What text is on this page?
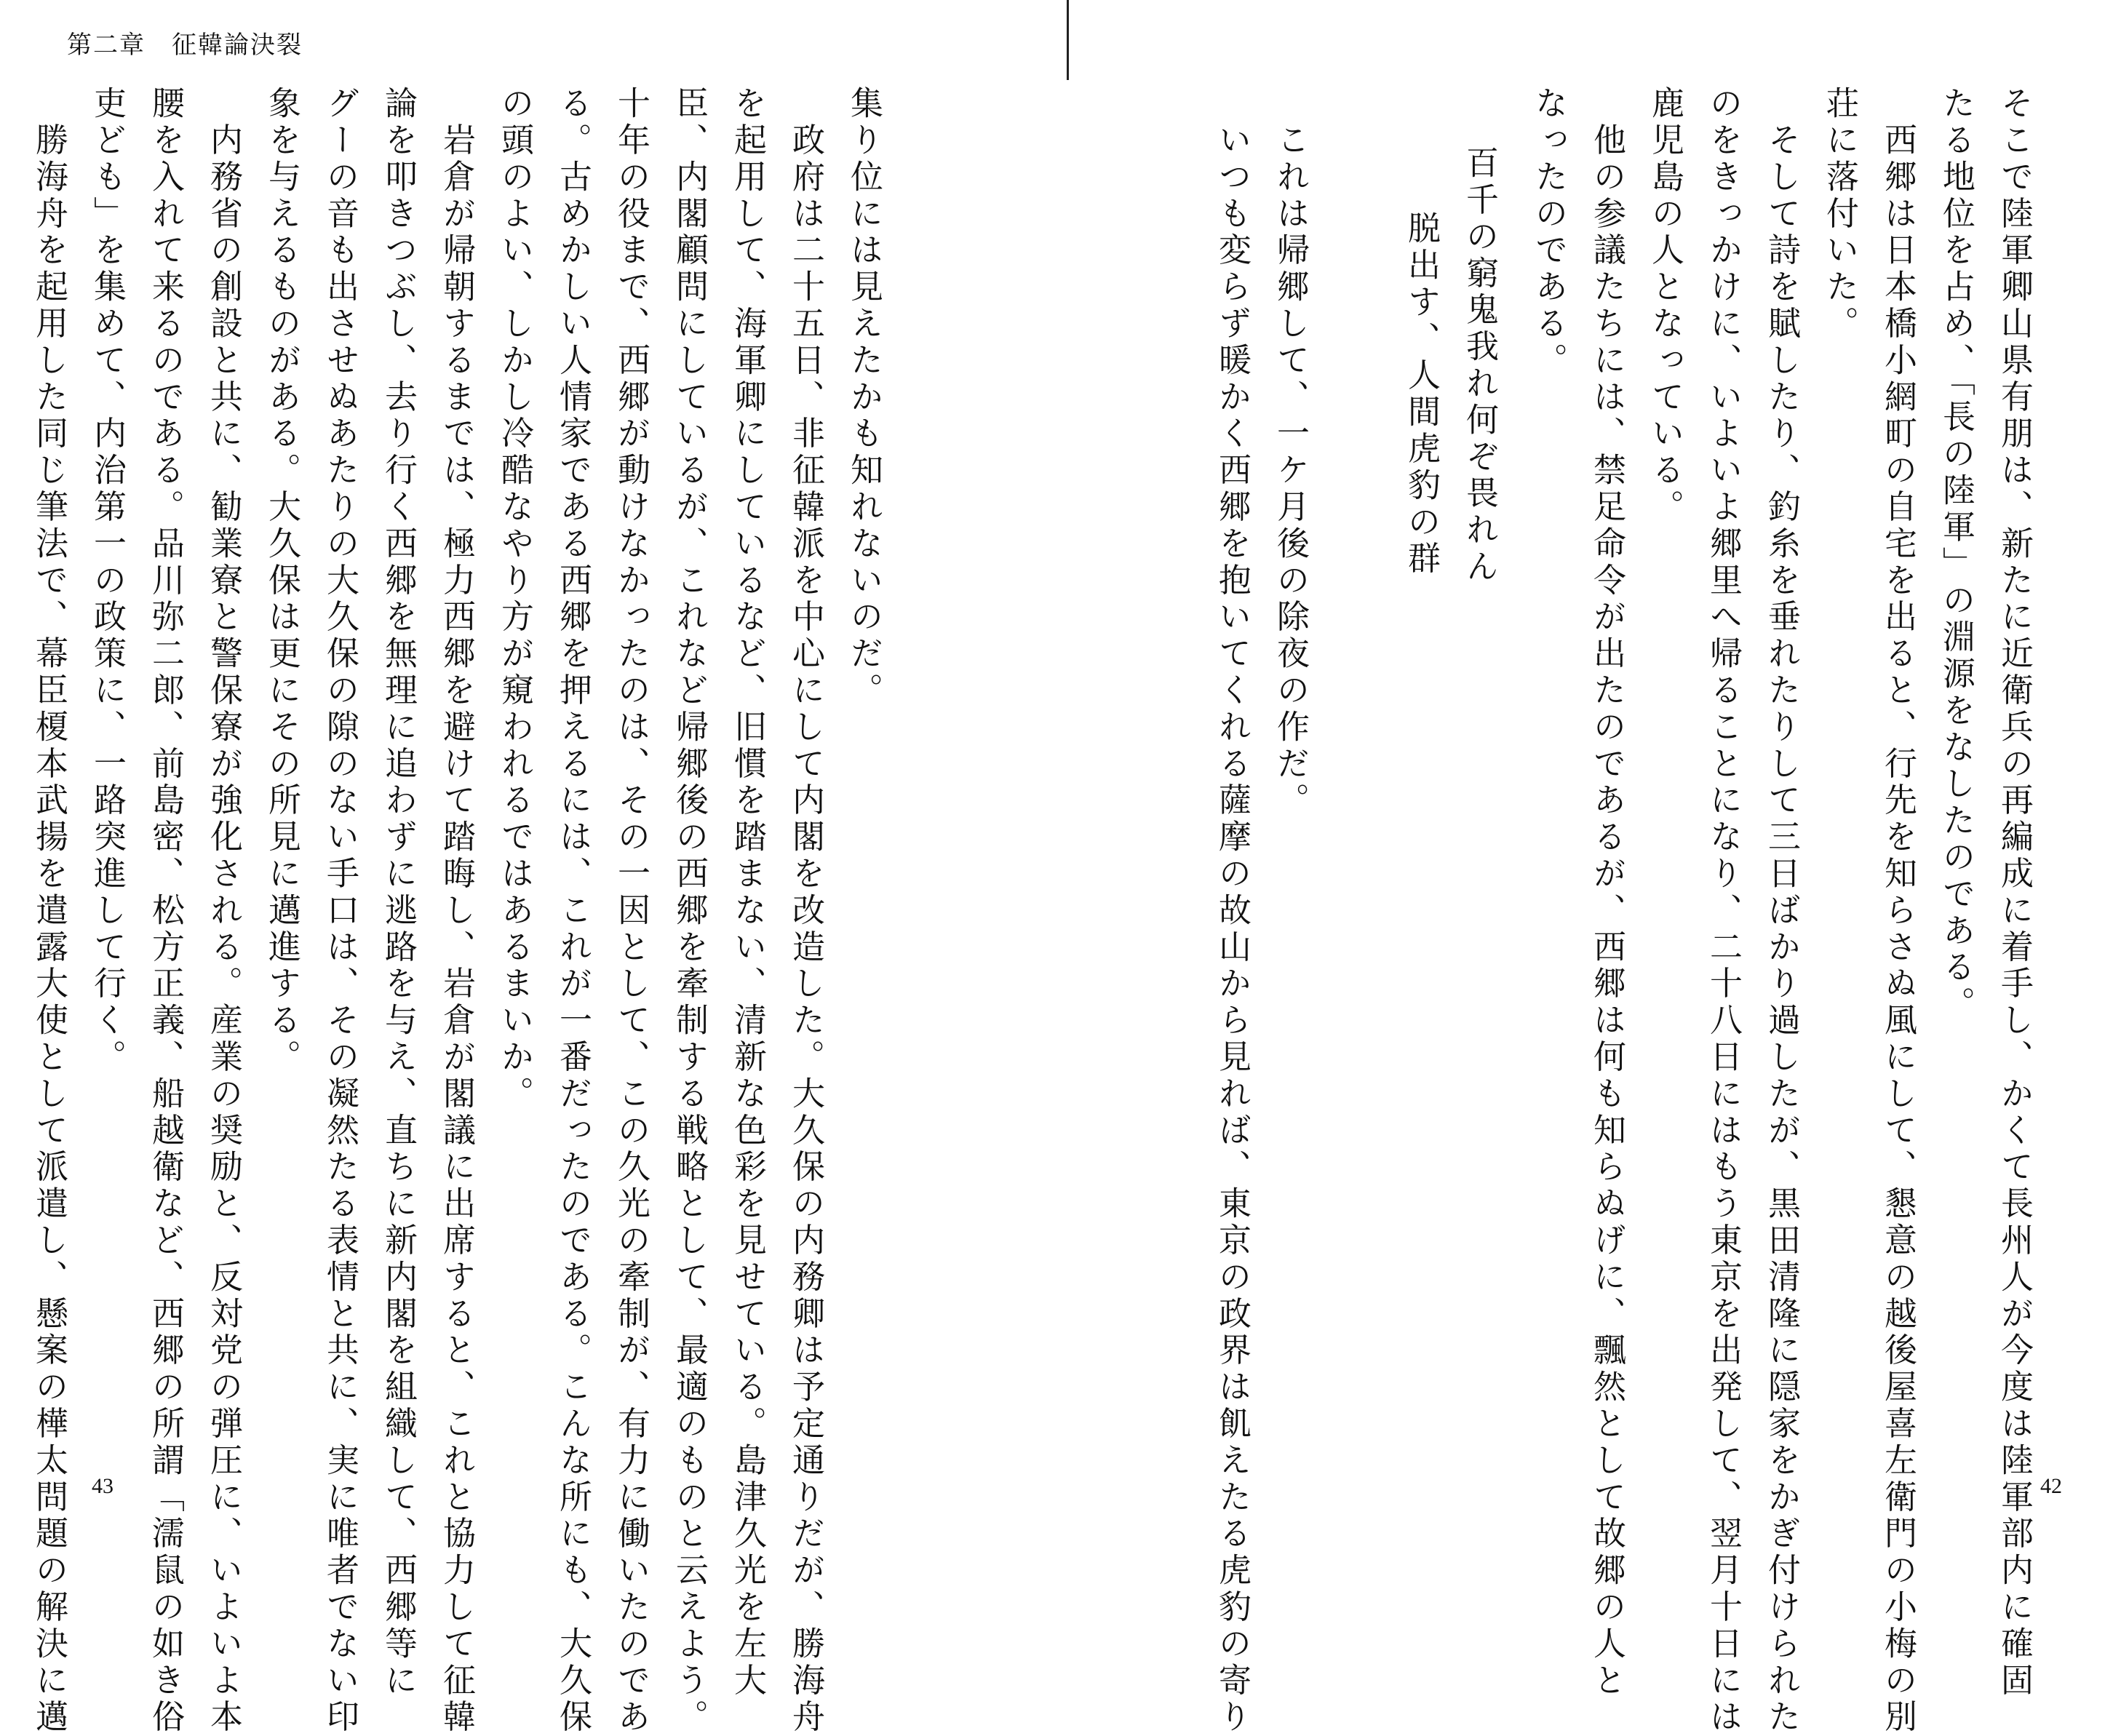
第二章　征韓論決裂
集り位には見えたかも知れないのだ。
　政府は二十五日、非征韓派を中心にして内閣を改造した。大久保の内務卿は予定通りだが、勝海舟
を起用して、海軍卿にしているなど、旧慣を踏まない、清新な色彩を見せている。島津久光を左大
臣、内閣顧問にしているが、これなど帰郷後の西郷を牽制する戦略として、最適のものと云えよう。
十年の役まで、西郷が動けなかったのは、その一因として、この久光の牽制が、有力に働いたのであ
る。古めかしい人情家である西郷を押えるには、これが一番だったのである。こんな所にも、大久保
の頭のよい、しかし冷酷なやり方が窺われるではあるまいか。
　岩倉が帰朝するまでは、極力西郷を避けて踏晦し、岩倉が閣議に出席すると、これと協力して征韓
論を叩きつぶし、去り行く西郷を無理に追わずに逃路を与え、直ちに新内閣を組織して、西郷等に
グーの音も出させぬあたりの大久保の隙のない手口は、その凝然たる表情と共に、実に唯者でない印
象を与えるものがある。大久保は更にその所見に邁進する。
　内務省の創設と共に、勧業寮と警保寮が強化される。産業の奨励と、反対党の弾圧に、いよいよ本
腰を入れて来るのである。品川弥二郎、前島密、松方正義、船越衛など、西郷の所謂「濡鼠の如き俗
吏ども」を集めて、内治第一の政策に、一路突進して行く。
　勝海舟を起用した同じ筆法で、幕臣榎本武揚を遣露大使として派遣し、懸案の樺太問題の解決に邁 43	そこで陸軍卿山県有朋は、新たに近衛兵の再編成に着手し、かくて長州人が今度は陸軍部内に確固
たる地位を占め、「長の陸軍」の淵源をなしたのである。
　西郷は日本橋小網町の自宅を出ると、行先を知らさぬ風にして、懇意の越後屋喜左衛門の小梅の別
荘に落付いた。
　そして詩を賦したり、釣糸を垂れたりして三日ばかり過したが、黒田清隆に隠家をかぎ付けられた
のをきっかけに、いよいよ郷里へ帰ることになり、二十八日にはもう東京を出発して、翌月十日には
鹿児島の人となっている。
　他の参議たちには、禁足命令が出たのであるが、西郷は何も知らぬげに、飄然として故郷の人と
なったのである。
百千の窮鬼我れ何ぞ畏れん
脱出す、人間虎豹の群
　これは帰郷して、一ケ月後の除夜の作だ。
　いつも変らず暖かく西郷を抱いてくれる薩摩の故山から見れば、東京の政界は飢えたる虎豹の寄り	42
